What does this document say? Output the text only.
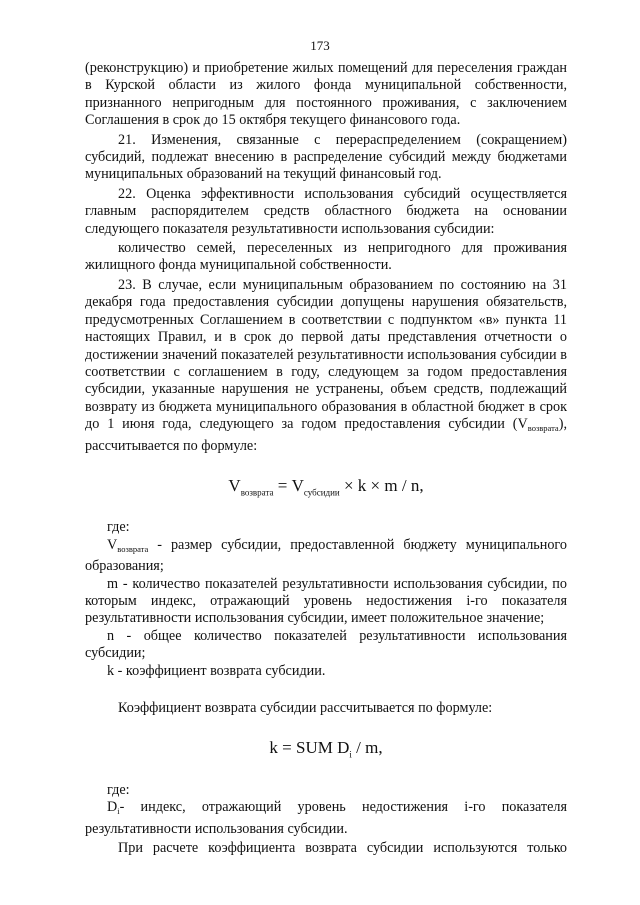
173

(реконструкцию) и приобретение жилых помещений для переселения граждан в Курской области из жилого фонда муниципальной собственности, признанного непригодным для постоянного проживания, с заключением Соглашения в срок до 15 октября текущего финансового года.

21. Изменения, связанные с перераспределением (сокращением) субсидий, подлежат внесению в распределение субсидий между бюджетами муниципальных образований на текущий финансовый год.

22. Оценка эффективности использования субсидий осуществляется главным распорядителем средств областного бюджета на основании следующего показателя результативности использования субсидии:

количество семей, переселенных из непригодного для проживания жилищного фонда муниципальной собственности.

23. В случае, если муниципальным образованием по состоянию на 31 декабря года предоставления субсидии допущены нарушения обязательств, предусмотренных Соглашением в соответствии с подпунктом «в» пункта 11 настоящих Правил, и в срок до первой даты представления отчетности о достижении значений показателей результативности использования субсидии в соответствии с соглашением в году, следующем за годом предоставления субсидии, указанные нарушения не устранены, объем средств, подлежащий возврату из бюджета муниципального образования в областной бюджет в срок до 1 июня года, следующего за годом предоставления субсидии $(V_{возврата})$, рассчитывается по формуле:

$V_{возврата} = V_{субсидии} \times k \times m / n$,

где:

$V_{возврата}$ - размер субсидии, предоставленной бюджету муниципального образования;

m - количество показателей результативности использования субсидии, по которым индекс, отражающий уровень недостижения i-го показателя результативности использования субсидии, имеет положительное значение;

n - общее количество показателей результативности использования субсидии;

k - коэффициент возврата субсидии.

Коэффициент возврата субсидии рассчитывается по формуле:

k = SUM $D_i$ / m,

где:

$D_i-$ индекс, отражающий уровень недостижения i-го показателя результативности использования субсидии.

При расчете коэффициента возврата субсидии используются только
